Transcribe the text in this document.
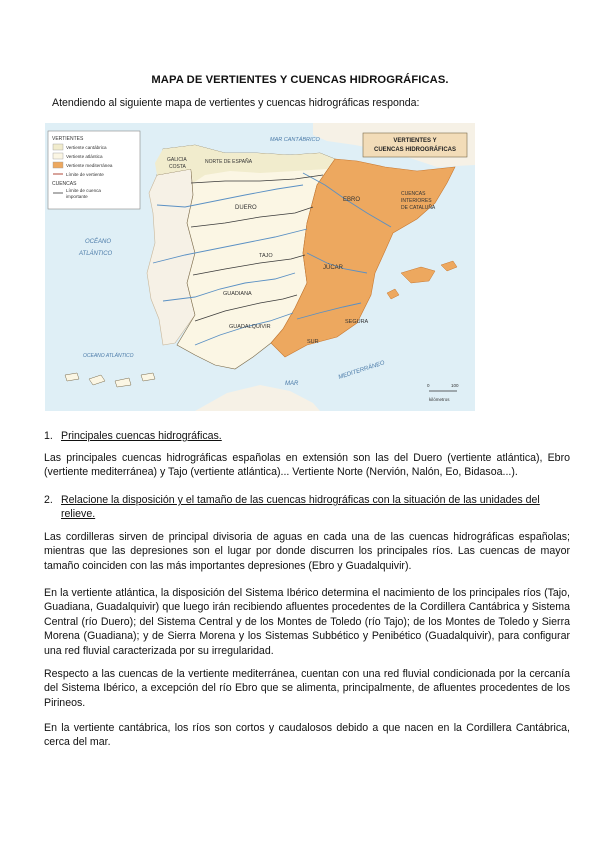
MAPA DE VERTIENTES Y CUENCAS HIDROGRÁFICAS.
Atendiendo al siguiente mapa de vertientes y cuencas hidrográficas responda:
VERTIENTES
Vertiente cantábrica
Vertiente atlántica
Vertiente mediterránea
Límite de vertiente
CUENCAS
Límite de cuenca
importante
VERTIENTES Y
CUENCAS HIDROGRÁFICAS
GALICIA
COSTA
NORTE DE ESPAÑA
MAR CANTÁBRICO
DUERO
EBRO
CUENCAS
INTERIORES
DE CATALUÑA
TAJO
JÚCAR
GUADIANA
GUADALQUIVIR
SEGURA
SUR
OCÉANO
ATLÁNTICO
OCEANO ATLÁNTICO
MAR
MEDITERRÁNEO
0	100
kilómetros
1. Principales cuencas hidrográficas.
Las principales cuencas hidrográficas españolas en extensión son las del Duero (vertiente atlántica), Ebro (vertiente mediterránea) y Tajo (vertiente atlántica)... Vertiente Norte (Nervión, Nalón, Eo, Bidasoa...).
2. Relacione la disposición y el tamaño de las cuencas hidrográficas con la situación de las unidades del relieve.
Las cordilleras sirven de principal divisoria de aguas en cada una de las cuencas hidrográficas españolas; mientras que las depresiones son el lugar por donde discurren los principales ríos. Las cuencas de mayor tamaño coinciden con las más importantes depresiones (Ebro y Guadalquivir).
En la vertiente atlántica, la disposición del Sistema Ibérico determina el nacimiento de los principales ríos (Tajo, Guadiana, Guadalquivir) que luego irán recibiendo afluentes procedentes de la Cordillera Cantábrica y Sistema Central (río Duero); del Sistema Central y de los Montes de Toledo (río Tajo); de los Montes de Toledo y Sierra Morena (Guadiana); y de Sierra Morena y los Sistemas Subbético y Penibético (Guadalquivir), para configurar una red fluvial caracterizada por su irregularidad.
Respecto a las cuencas de la vertiente mediterránea, cuentan con una red fluvial condicionada por la cercanía del Sistema Ibérico, a excepción del río Ebro que se alimenta, principalmente, de afluentes procedentes de los Pirineos.
En la vertiente cantábrica, los ríos son cortos y caudalosos debido a que nacen en la Cordillera Cantábrica, cerca del mar.
